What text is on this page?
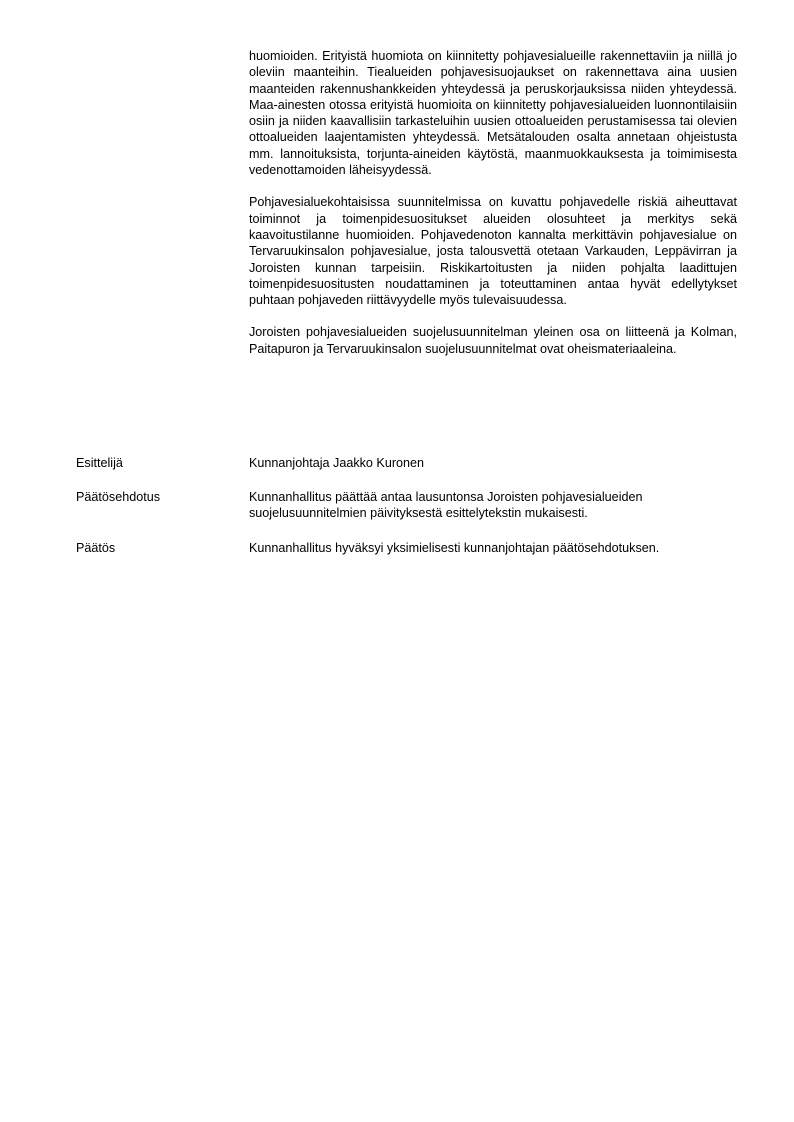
huomioiden. Erityistä huomiota on kiinnitetty pohjavesialueille rakennettaviin ja niillä jo oleviin maanteihin. Tiealueiden pohjavesisuojaukset on rakennettava aina uusien maanteiden rakennushankkeiden yhteydessä ja peruskorjauksissa niiden yhteydessä. Maa-ainesten otossa erityistä huomioita on kiinnitetty pohjavesialueiden luonnontilaisiin osiin ja niiden kaavallisiin tarkasteluihin uusien ottoalueiden perustamisessa tai olevien ottoalueiden laajentamisten yhteydessä. Metsätalouden osalta annetaan ohjeistusta mm. lannoituksista, torjunta-aineiden käytöstä, maanmuokkauksesta ja toimimisesta vedenottamoiden läheisyydessä.

Pohjavesialuekohtaisissa suunnitelmissa on kuvattu pohjavedelle riskiä aiheuttavat toiminnot ja toimenpidesuositukset alueiden olosuhteet ja merkitys sekä kaavoitustilanne huomioiden. Pohjavedenoton kannalta merkittävin pohjavesialue on Tervaruukinsalon pohjavesialue, josta talousvettä otetaan Varkauden, Leppävirran ja Joroisten kunnan tarpeisiin. Riskikartoitusten ja niiden pohjalta laadittujen toimenpidesuositusten noudattaminen ja toteuttaminen antaa hyvät edellytykset puhtaan pohjaveden riittävyydelle myös tulevaisuudessa.

Joroisten pohjavesialueiden suojelusuunnitelman yleinen osa on liitteenä ja Kolman, Paitapuron ja Tervaruukinsalon suojelusuunnitelmat ovat oheismateriaaleina.

Esittelijä	Kunnanjohtaja Jaakko Kuronen
Päätösehdotus	Kunnanhallitus päättää antaa lausuntonsa Joroisten pohjavesialueiden suojelusuunnitelmien päivityksestä esittelytekstin mukaisesti.
Päätös	Kunnanhallitus hyväksyi yksimielisesti kunnanjohtajan päätösehdotuksen.
